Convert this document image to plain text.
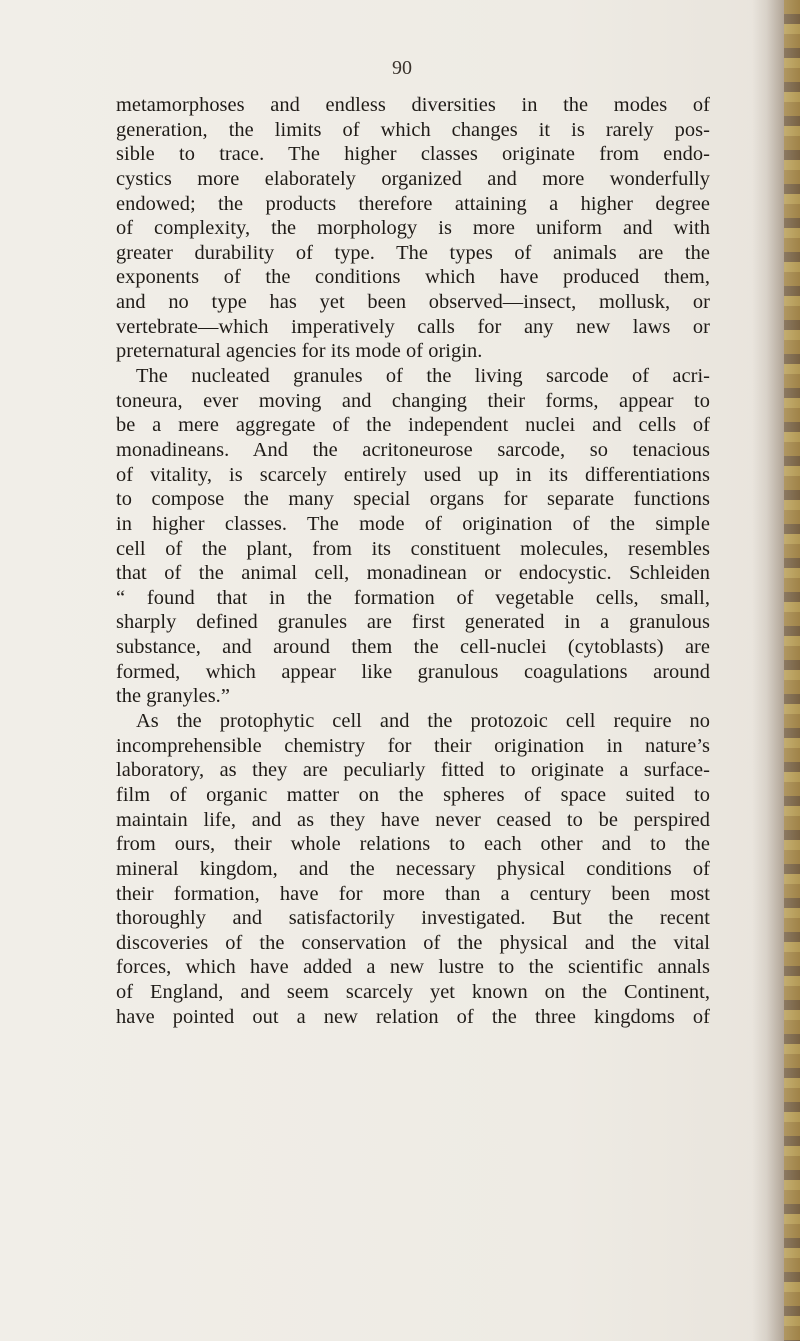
90
metamorphoses and endless diversities in the modes of
generation, the limits of which changes it is rarely pos-
sible to trace. The higher classes originate from endo-
cystics more elaborately organized and more wonderfully
endowed; the products therefore attaining a higher degree
of complexity, the morphology is more uniform and with
greater durability of type. The types of animals are the
exponents of the conditions which have produced them,
and no type has yet been observed—insect, mollusk, or
vertebrate—which imperatively calls for any new laws or
preternatural agencies for its mode of origin.
The nucleated granules of the living sarcode of acri-
toneura, ever moving and changing their forms, appear to
be a mere aggregate of the independent nuclei and cells of
monadineans. And the acritoneurose sarcode, so tenacious
of vitality, is scarcely entirely used up in its differentiations
to compose the many special organs for separate functions
in higher classes. The mode of origination of the simple
cell of the plant, from its constituent molecules, resembles
that of the animal cell, monadinean or endocystic. Schleiden
“ found that in the formation of vegetable cells, small,
sharply defined granules are first generated in a granulous
substance, and around them the cell-nuclei (cytoblasts) are
formed, which appear like granulous coagulations around
the granyles.”
As the protophytic cell and the protozoic cell require no
incomprehensible chemistry for their origination in nature’s
laboratory, as they are peculiarly fitted to originate a surface-
film of organic matter on the spheres of space suited to
maintain life, and as they have never ceased to be perspired
from ours, their whole relations to each other and to the
mineral kingdom, and the necessary physical conditions of
their formation, have for more than a century been most
thoroughly and satisfactorily investigated. But the recent
discoveries of the conservation of the physical and the vital
forces, which have added a new lustre to the scientific annals
of England, and seem scarcely yet known on the Continent,
have pointed out a new relation of the three kingdoms of
